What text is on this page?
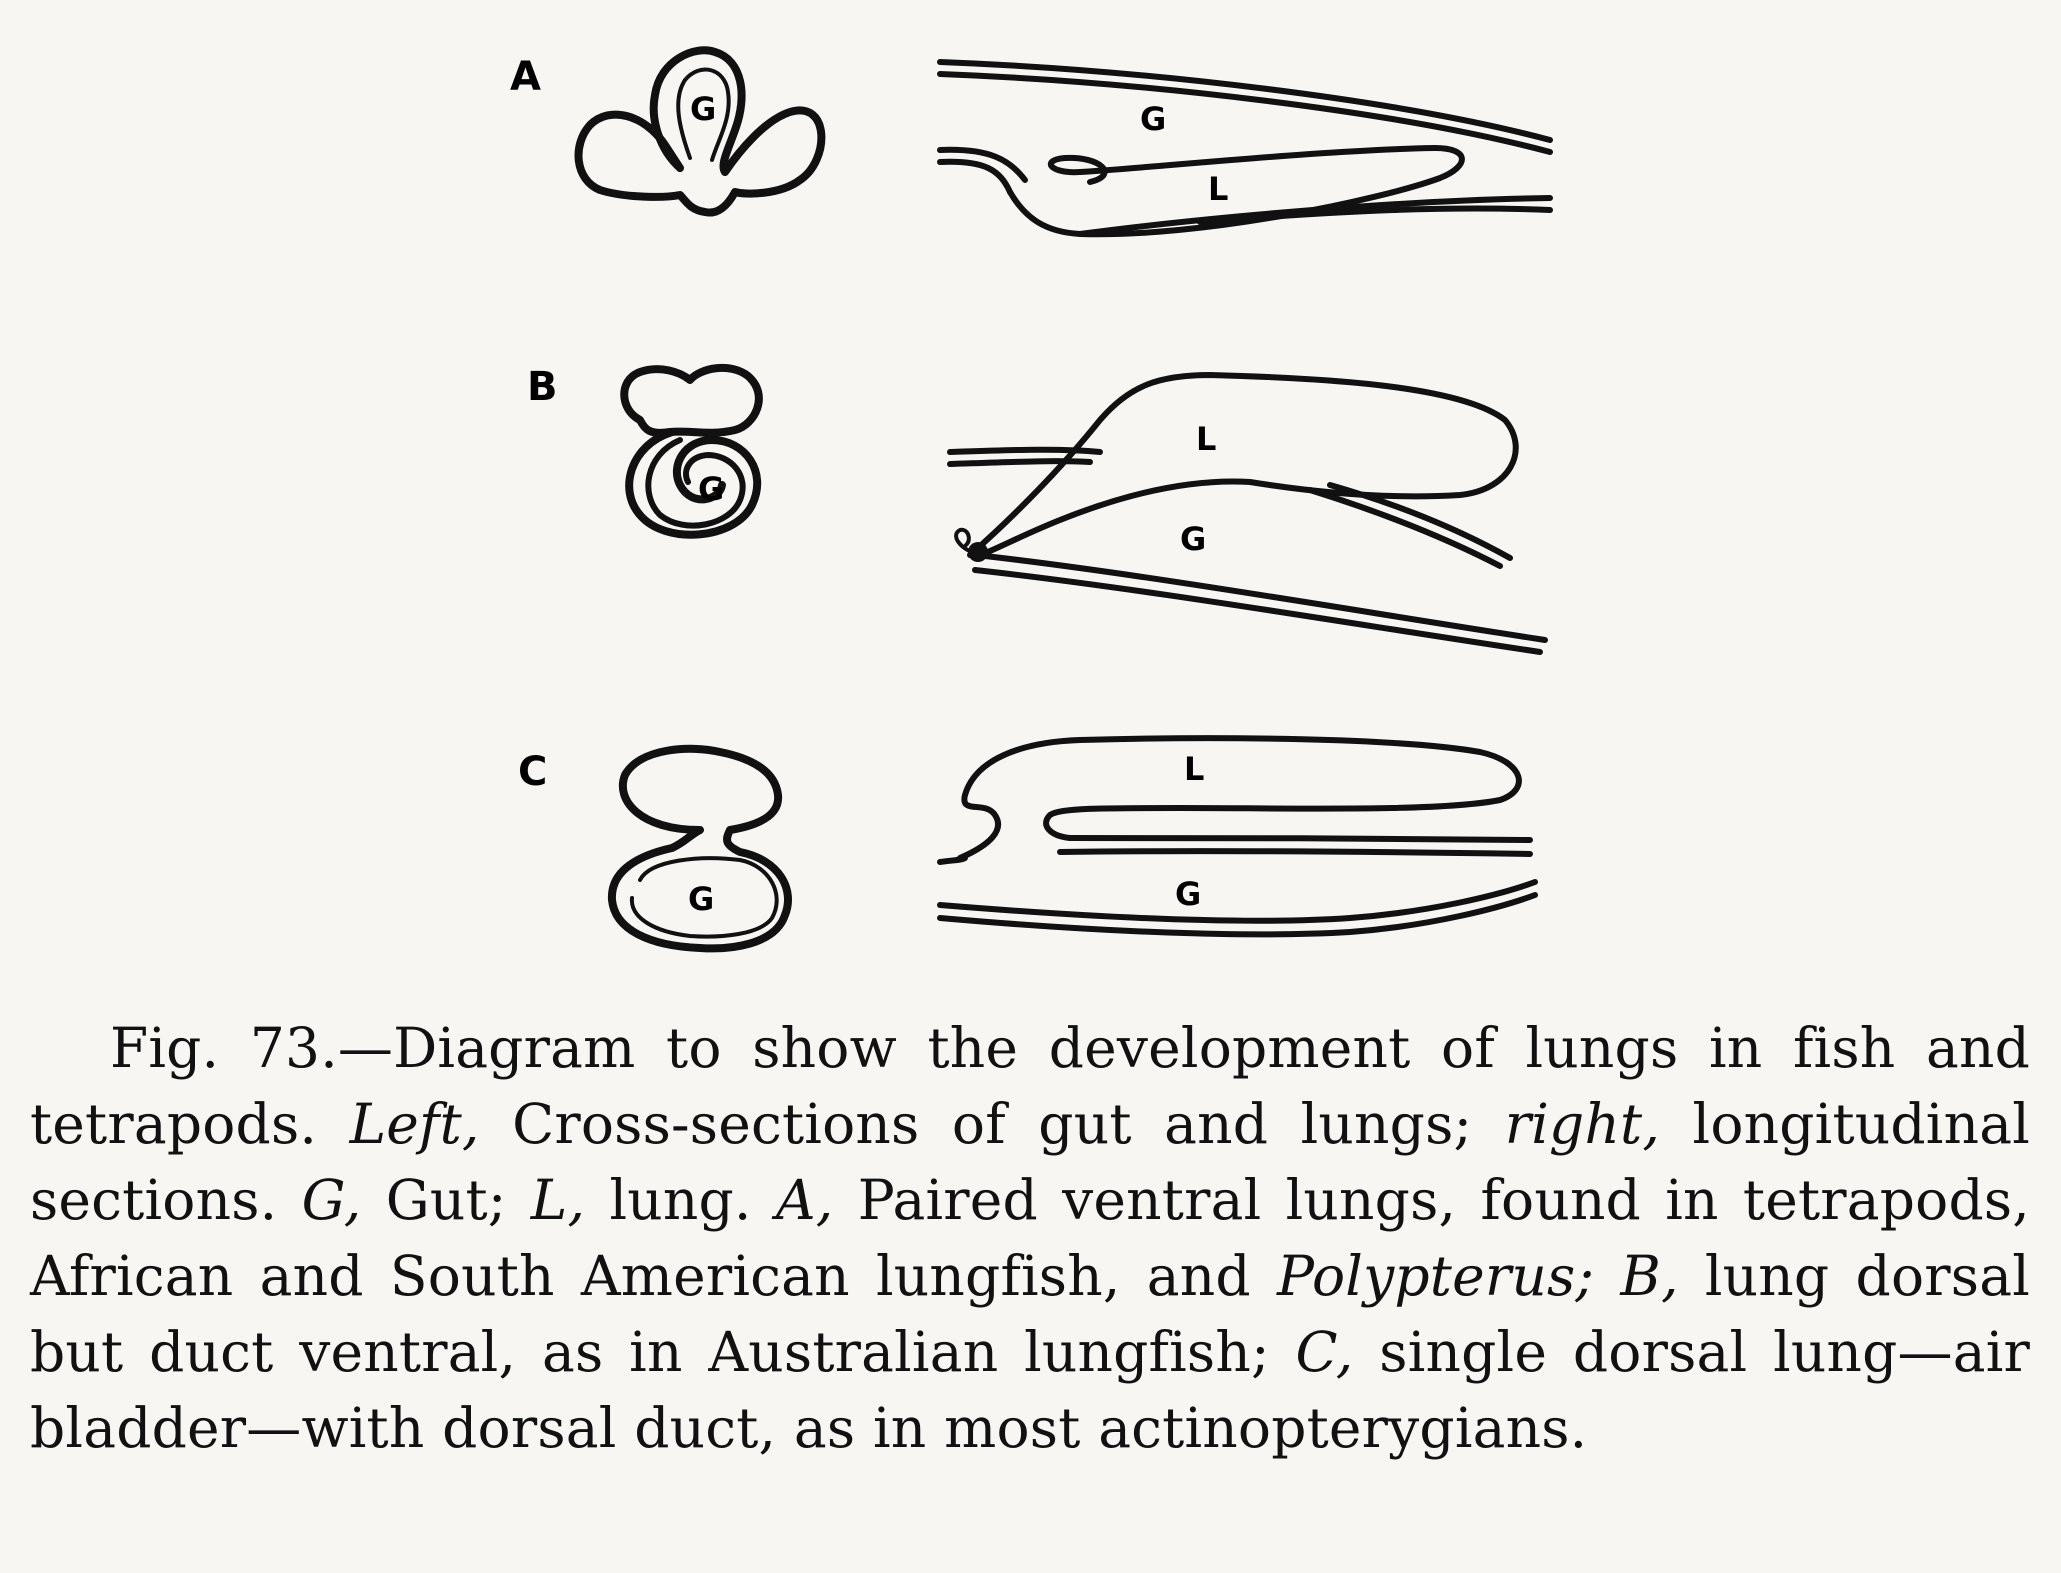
A
G	G
L
B
G
L
G
C
G
L
G
Fig. 73.—Diagram to show the development of lungs in fish and tetrapods. Left, Cross-sections of gut and lungs; right, longitudinal sections. G, Gut; L, lung. A, Paired ventral lungs, found in tetrapods, African and South American lungfish, and Polypterus; B, lung dorsal but duct ventral, as in Australian lungfish; C, single dorsal lung—air bladder—with dorsal duct, as in most actinopterygians.
